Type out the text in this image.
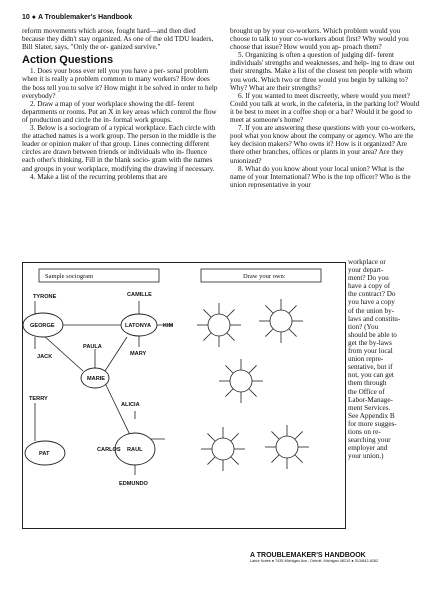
10 ● A Troublemaker's Handbook

reform movements which arose, fought hard—and then died because they didn't stay organized. As one of the old TDU leaders, Bill Slater, says, "Only the or- ganized survive."

Action Questions

1. Does your boss ever tell you you have a per- sonal problem when it is really a problem common to many workers? How does the boss tell you to solve it? How might it be solved in order to help everybody?

2. Draw a map of your workplace showing the dif- ferent departments or rooms. Put an X in key areas which control the flow of production and circle the in- formal work groups.

3. Below is a sociogram of a typical workplace. Each circle with the attached names is a work group. The person in the middle is the leader or opinion maker of that group. Lines connecting different circles are drawn between friends or individuals who in- fluence each other's thinking. Fill in the blank socio- gram with the names and groups in your workplace, modifying the drawing if necessary.

4. Make a list of the recurring problems that are

brought up by your co-workers. Which problem would you choose to talk to your co-workers about first? Why would you choose that issue? How would you ap- proach them?

5. Organizing is often a question of judging dif- ferent individuals' strengths and weaknesses, and help- ing to draw out their strengths. Make a list of the closest ten people with whom you work. Which two or three would you begin by talking to? Why? What are their strengths?

6. If you wanted to meet discreetly, where would you meet? Could you talk at work, in the cafeteria, in the parking lot? Would it be best to meet in a coffee shop or a bar? Would it be good to meet at someone's home?

7. If you are answering these questions with your co-workers, pool what you know about the company or agency. Who are the key decision makers? Who owns it? How is it organized? Are there other branches, offices or plants in your area? Are they unionized?

8. What do you know about your local union? What is the name of your International? Who is the top officer? Who is the union representative in your

workplace or

your depart-

ment? Do you

have a copy of

the contract? Do

you have a copy

of the union by-

laws and constitu-

tion? (You

should be able to

get the by-laws

from your local

union repre-

sentative, but if

not, you can get

them through

the Office of

Labor-Manage-

ment Services.

See Appendix B

for more sugges-

tions on re-

searching your

employer and

your union.)

Sample sociogram	Draw your own:
TYRONE	CAMILLE
GEORGE	LATONYA KIM
PAULA
JACK	MARY
MARIE
ALICIA
TERRY
PAT
CARLOS RAUL
EDMUNDO
A TROUBLEMAKER'S HANDBOOK
Labor Notes ● 7435 Michigan Ave., Detroit, Michigan 48210 ● 313/842-6262
